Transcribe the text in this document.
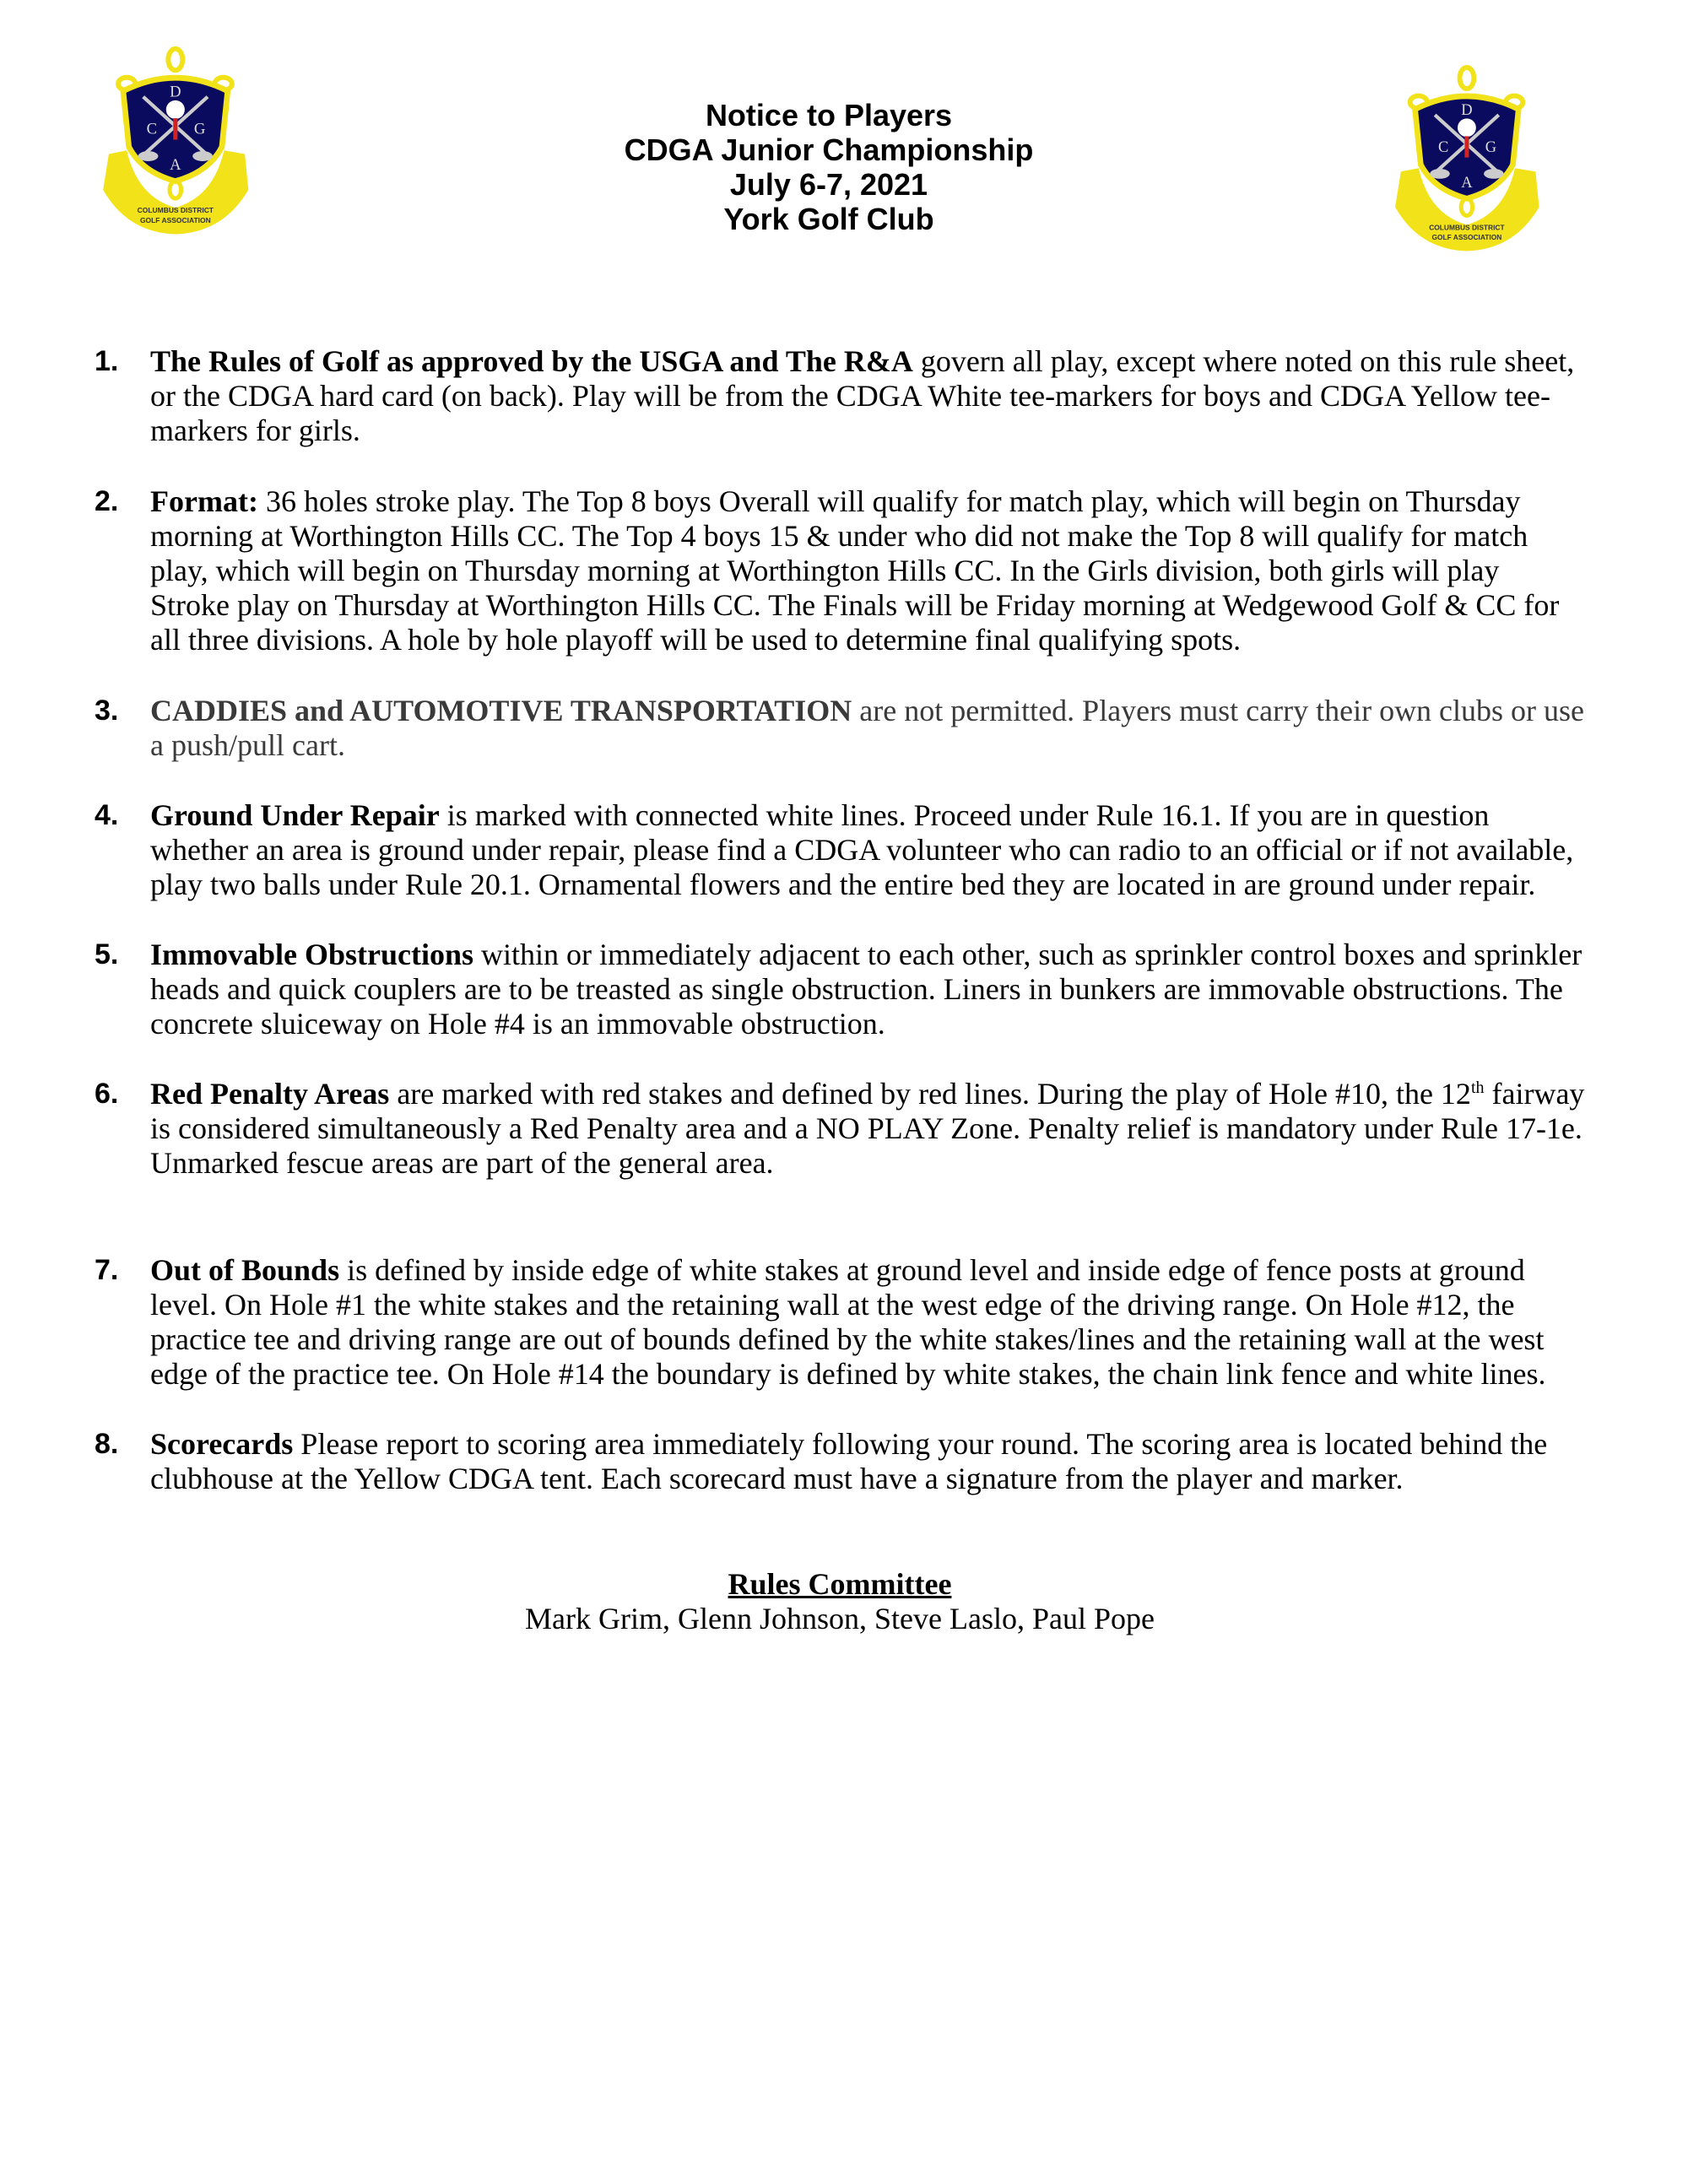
D
C G
A
COLUMBUS DISTRICT
GOLF ASSOCIATION
Notice to Players
CDGA Junior Championship
July 6-7, 2021
York Golf Club
1. The Rules of Golf as approved by the USGA and The R&A govern all play, except where noted on this rule sheet, or the CDGA hard card (on back). Play will be from the CDGA White tee-markers for boys and CDGA Yellow tee-markers for girls.
2. Format: 36 holes stroke play. The Top 8 boys Overall will qualify for match play, which will begin on Thursday morning at Worthington Hills CC. The Top 4 boys 15 & under who did not make the Top 8 will qualify for match play, which will begin on Thursday morning at Worthington Hills CC. In the Girls division, both girls will play Stroke play on Thursday at Worthington Hills CC. The Finals will be Friday morning at Wedgewood Golf & CC for all three divisions. A hole by hole playoff will be used to determine final qualifying spots.
3. CADDIES and AUTOMOTIVE TRANSPORTATION are not permitted. Players must carry their own clubs or use a push/pull cart.
4. Ground Under Repair is marked with connected white lines. Proceed under Rule 16.1. If you are in question whether an area is ground under repair, please find a CDGA volunteer who can radio to an official or if not available, play two balls under Rule 20.1. Ornamental flowers and the entire bed they are located in are ground under repair.
5. Immovable Obstructions within or immediately adjacent to each other, such as sprinkler control boxes and sprinkler heads and quick couplers are to be treasted as single obstruction. Liners in bunkers are immovable obstructions. The concrete sluiceway on Hole #4 is an immovable obstruction.
6. Red Penalty Areas are marked with red stakes and defined by red lines. During the play of Hole #10, the 12th fairway is considered simultaneously a Red Penalty area and a NO PLAY Zone. Penalty relief is mandatory under Rule 17-1e.
Unmarked fescue areas are part of the general area.
7. Out of Bounds is defined by inside edge of white stakes at ground level and inside edge of fence posts at ground level. On Hole #1 the white stakes and the retaining wall at the west edge of the driving range. On Hole #12, the practice tee and driving range are out of bounds defined by the white stakes/lines and the retaining wall at the west edge of the practice tee. On Hole #14 the boundary is defined by white stakes, the chain link fence and white lines.
8. Scorecards Please report to scoring area immediately following your round. The scoring area is located behind the clubhouse at the Yellow CDGA tent. Each scorecard must have a signature from the player and marker.
Rules Committee
Mark Grim, Glenn Johnson, Steve Laslo, Paul Pope
